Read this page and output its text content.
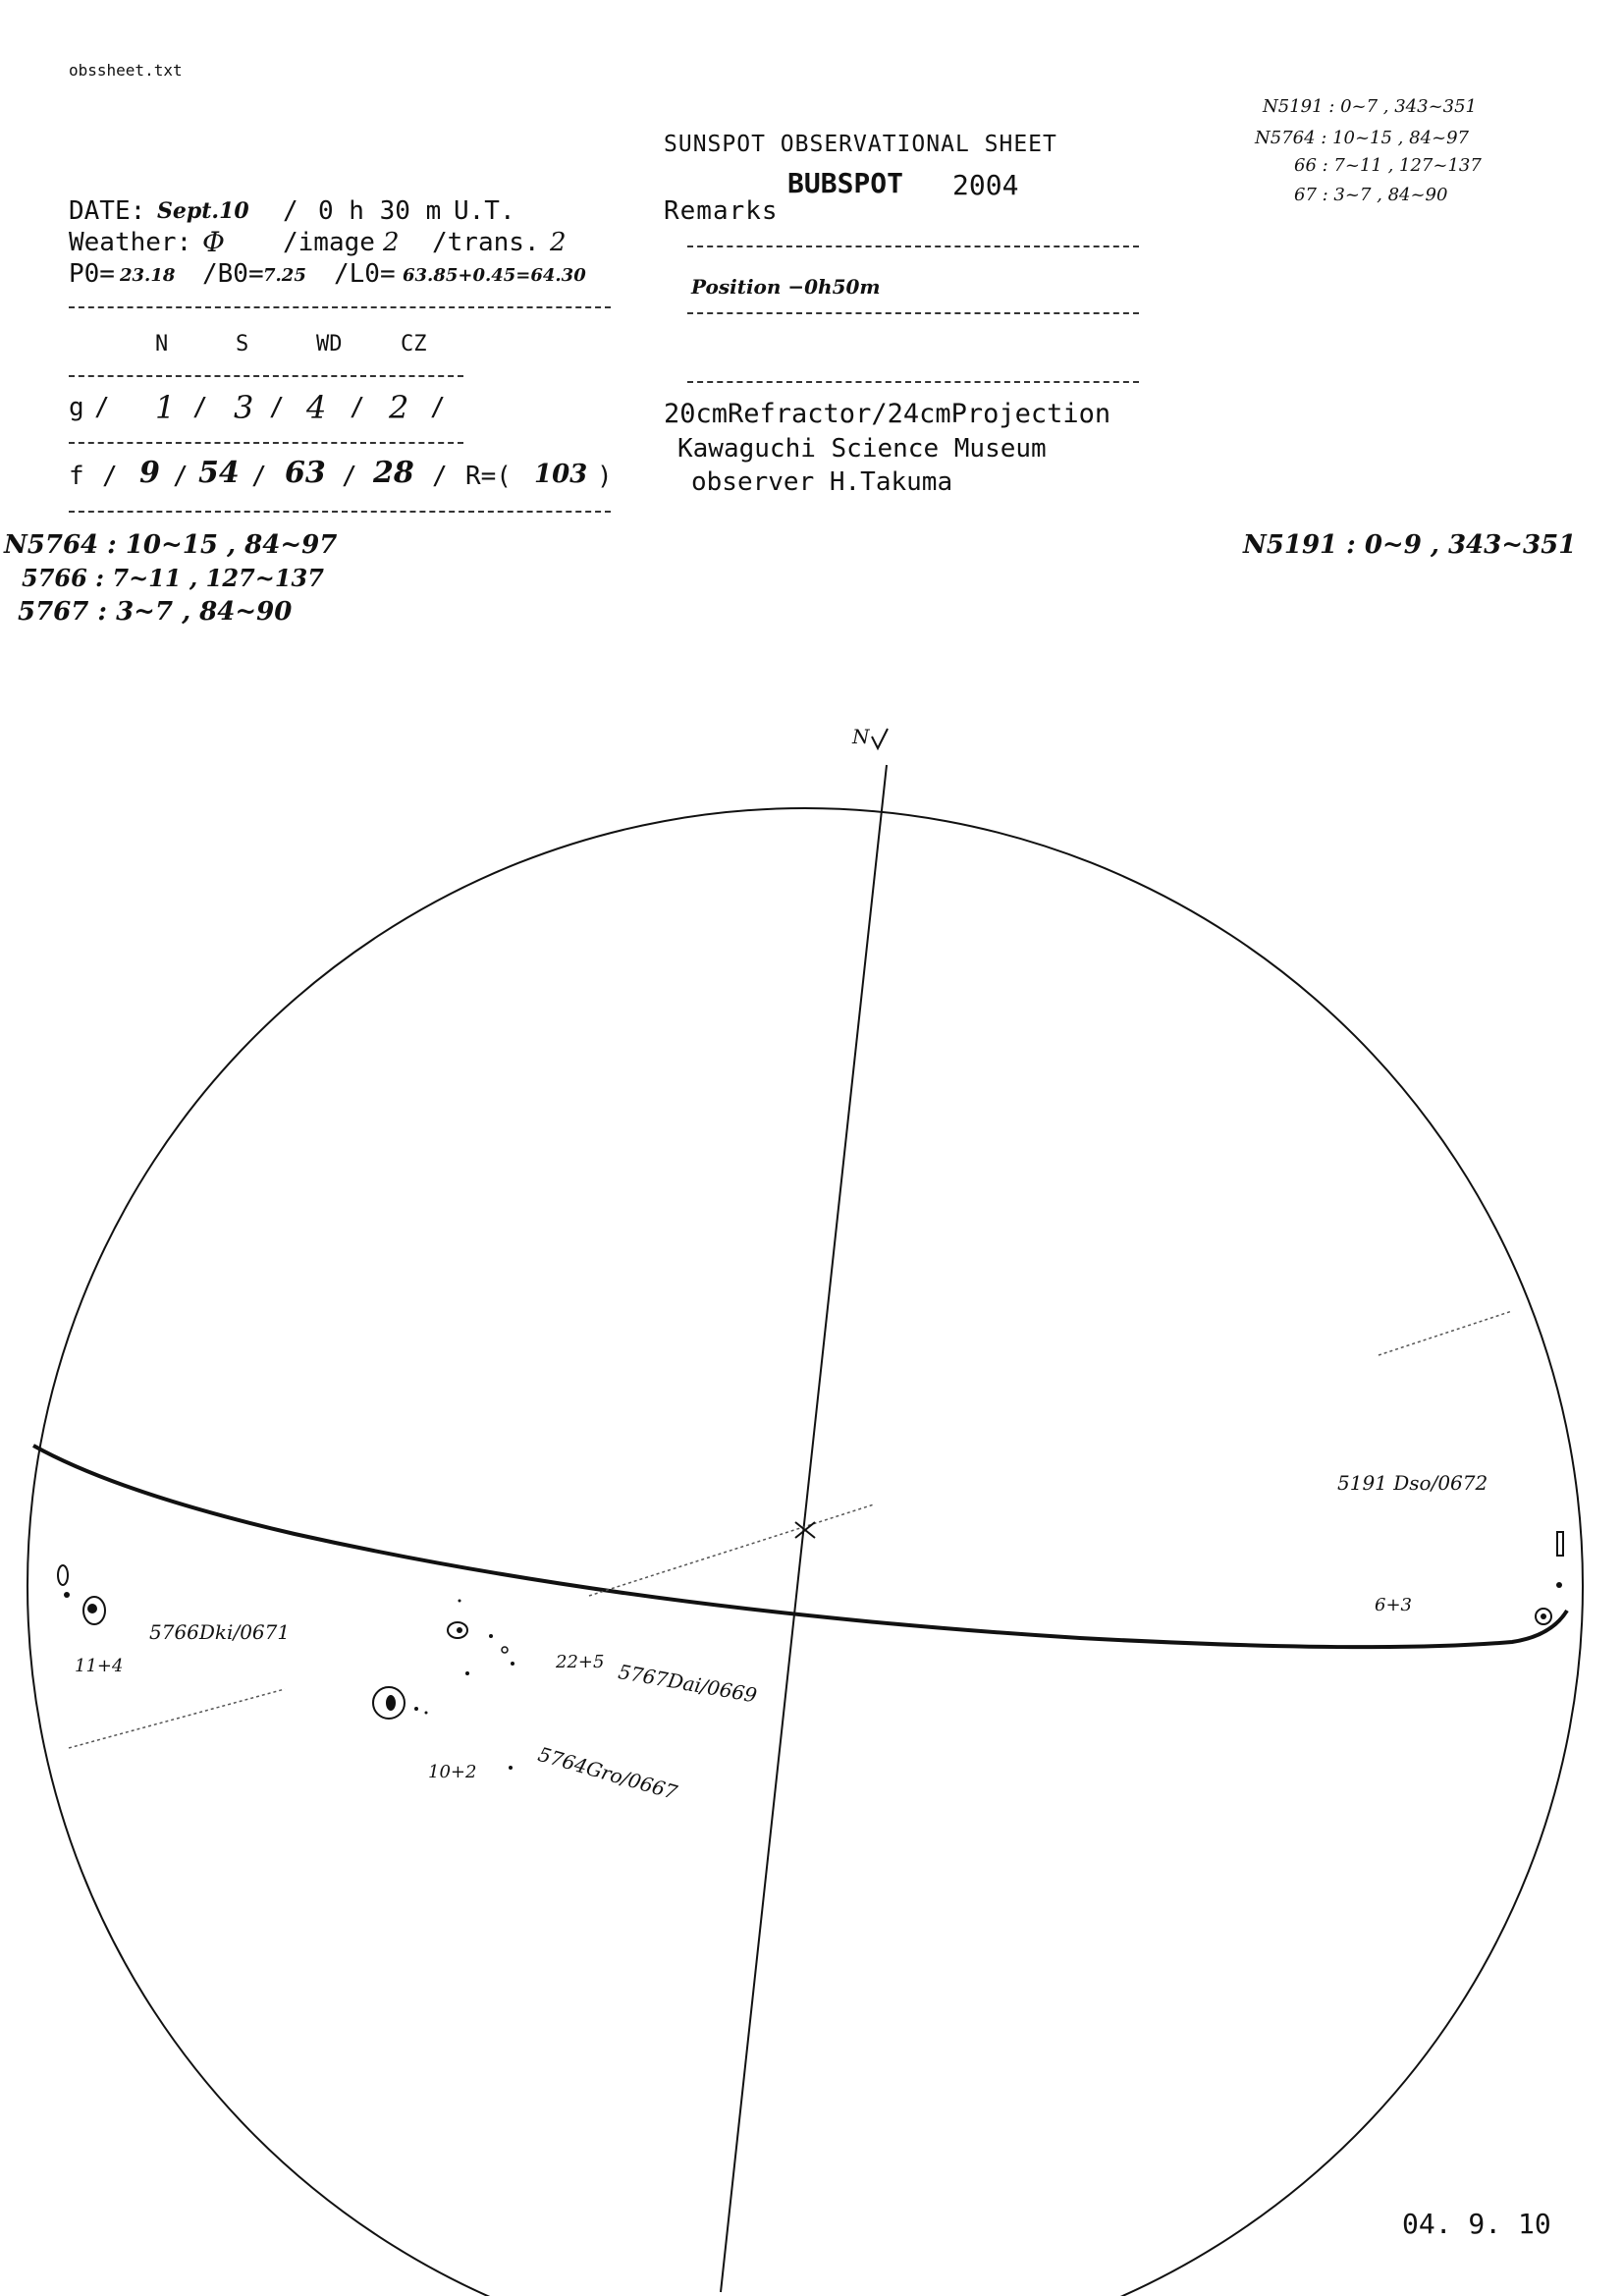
obssheet.txt
SUNSPOT OBSERVATIONAL SHEET
BUBSPOT 2004
Remarks
DATE: Sept.10 / 0 h 30 m U.T.
Weather: Φ /image 2 /trans. 2
P0= 23.18 /B0= 7.25 /L0= 63.85+0.45=64.30
N	S	WD	CZ
g / 1 / 3 / 4 / 2 /
f / 9 / 54 / 63 / 28 / R=( 103 )
Position −0h50m
20cmRefractor/24cmProjection
Kawaguchi Science Museum
observer H.Takuma
N5191 : 0~7 , 343~351
N5764 : 10~15 , 84~97
66 : 7~11 , 127~137
67 : 3~7 , 84~90
N5764 : 10~15 , 84~97
5766 : 7~11 , 127~137
5767 : 3~7 , 84~90
N5191 : 0~9 , 343~351
N
5191 Dso/0672
6+3
5766Dki/0671
11+4	22+5 5767Dai/0669
10+2	5764Gro/0667
04. 9. 10
